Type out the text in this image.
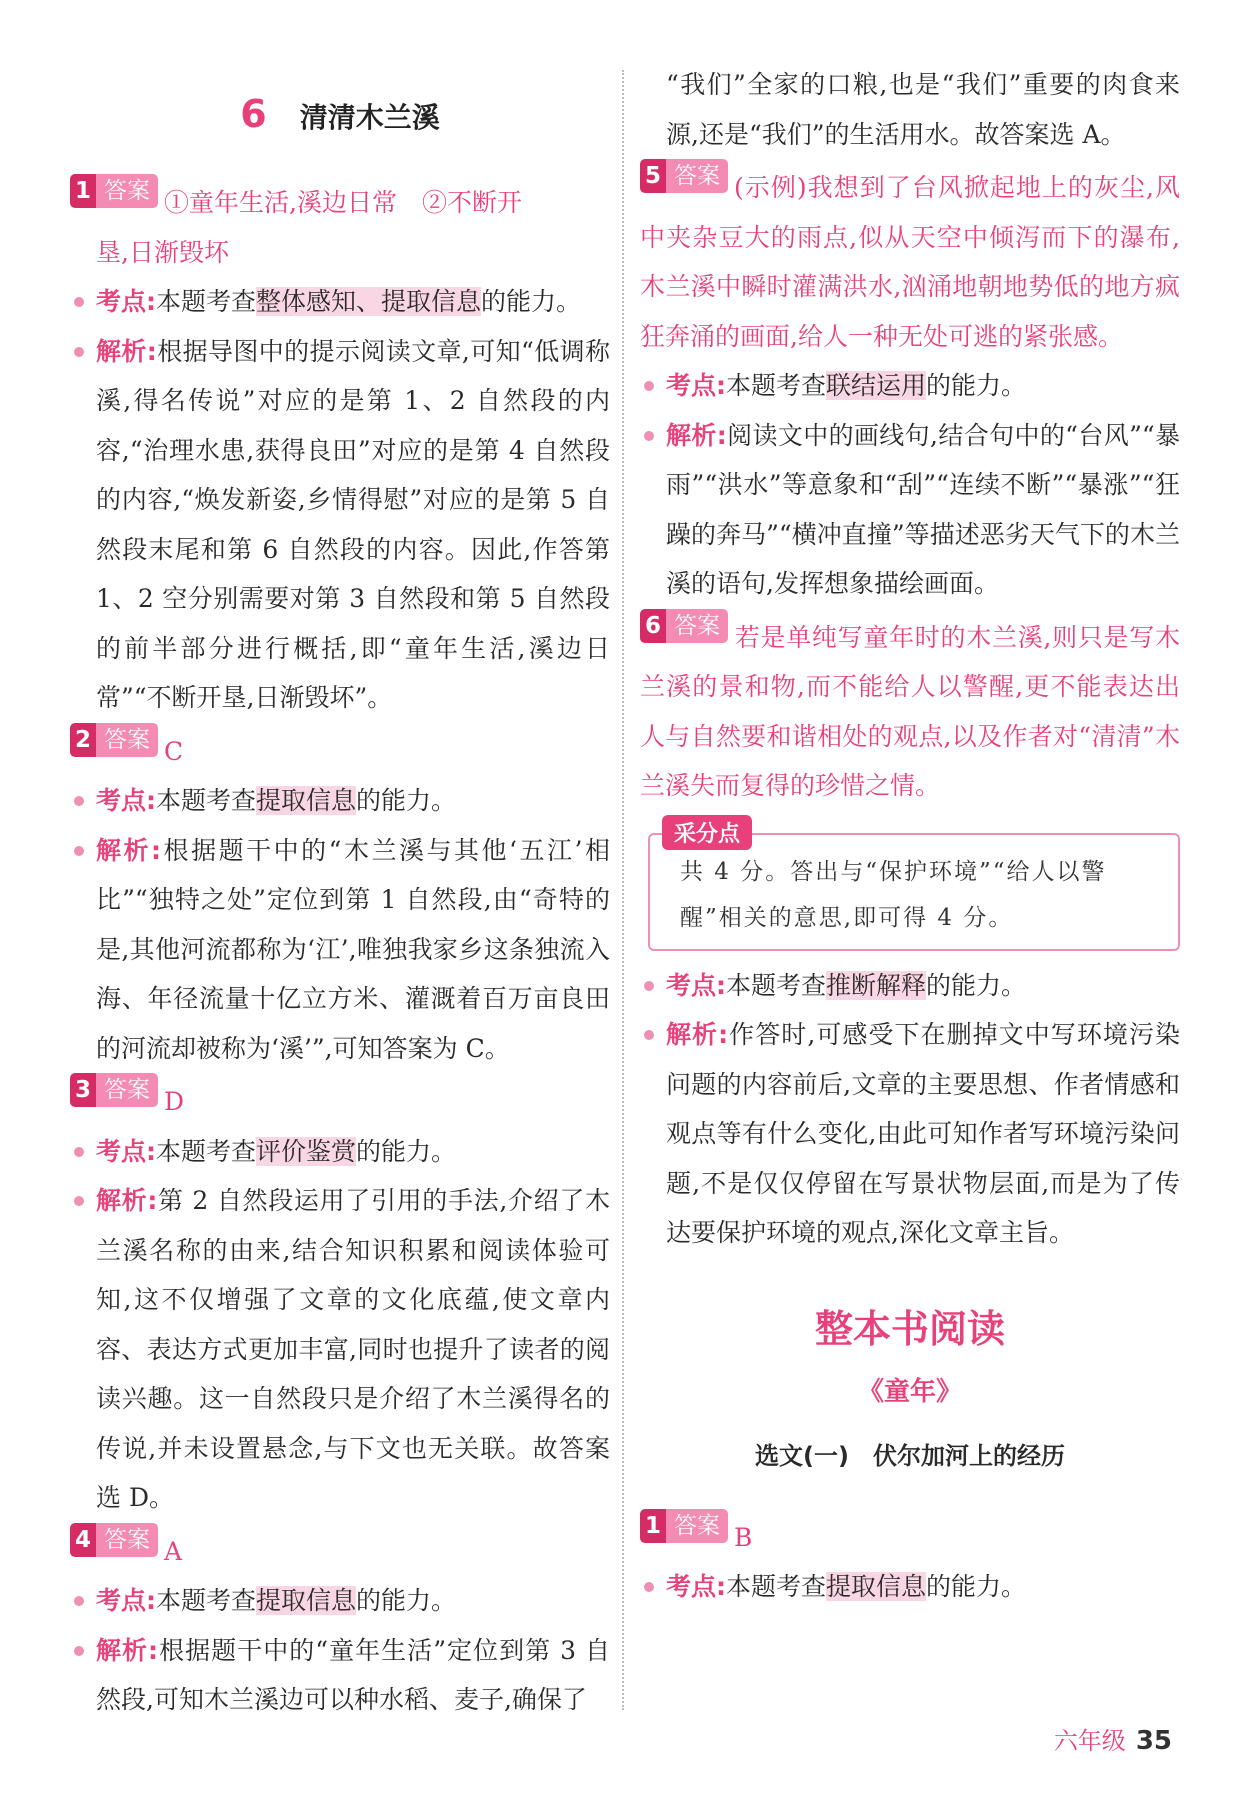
6 清清木兰溪
1 答案 ①童年生活,溪边日常　②不断开
垦,日渐毁坏
考点:本题考查整体感知、提取信息的能力。
解析:根据导图中的提示阅读文章,可知“低调称溪,得名传说”对应的是第 1、2 自然段的内容,“治理水患,获得良田”对应的是第 4 自然段的内容,“焕发新姿,乡情得慰”对应的是第 5 自然段末尾和第 6 自然段的内容。因此,作答第 1、2 空分别需要对第 3 自然段和第 5 自然段的前半部分进行概括,即“童年生活,溪边日常”“不断开垦,日渐毁坏”。
2 答案 C
考点:本题考查提取信息的能力。
解析:根据题干中的“木兰溪与其他‘五江’相比”“独特之处”定位到第 1 自然段,由“奇特的是,其他河流都称为‘江’,唯独我家乡这条独流入海、年径流量十亿立方米、灌溉着百万亩良田的河流却被称为‘溪’”,可知答案为 C。
3 答案 D
考点:本题考查评价鉴赏的能力。
解析:第 2 自然段运用了引用的手法,介绍了木兰溪名称的由来,结合知识积累和阅读体验可知,这不仅增强了文章的文化底蕴,使文章内容、表达方式更加丰富,同时也提升了读者的阅读兴趣。这一自然段只是介绍了木兰溪得名的传说,并未设置悬念,与下文也无关联。故答案选 D。
4 答案 A
考点:本题考查提取信息的能力。
解析:根据题干中的“童年生活”定位到第 3 自然段,可知木兰溪边可以种水稻、麦子,确保了
“我们”全家的口粮,也是“我们”重要的肉食来源,还是“我们”的生活用水。故答案选 A。
5 答案 (示例)我想到了台风掀起地上的灰尘,风中夹杂豆大的雨点,似从天空中倾泻而下的瀑布,木兰溪中瞬时灌满洪水,汹涌地朝地势低的地方疯狂奔涌的画面,给人一种无处可逃的紧张感。
考点:本题考查联结运用的能力。
解析:阅读文中的画线句,结合句中的“台风”“暴雨”“洪水”等意象和“刮”“连续不断”“暴涨”“狂躁的奔马”“横冲直撞”等描述恶劣天气下的木兰溪的语句,发挥想象描绘画面。
6 答案 若是单纯写童年时的木兰溪,则只是写木兰溪的景和物,而不能给人以警醒,更不能表达出人与自然要和谐相处的观点,以及作者对“清清”木兰溪失而复得的珍惜之情。
采分点

共 4 分。答出与“保护环境”“给人以警醒”相关的意思,即可得 4 分。

考点:本题考查推断解释的能力。
解析:作答时,可感受下在删掉文中写环境污染问题的内容前后,文章的主要思想、作者情感和观点等有什么变化,由此可知作者写环境污染问题,不是仅仅停留在写景状物层面,而是为了传达要保护环境的观点,深化文章主旨。
整本书阅读
《童年》
选文(一)　伏尔加河上的经历
1 答案 B
考点:本题考查提取信息的能力。
六年级 35
